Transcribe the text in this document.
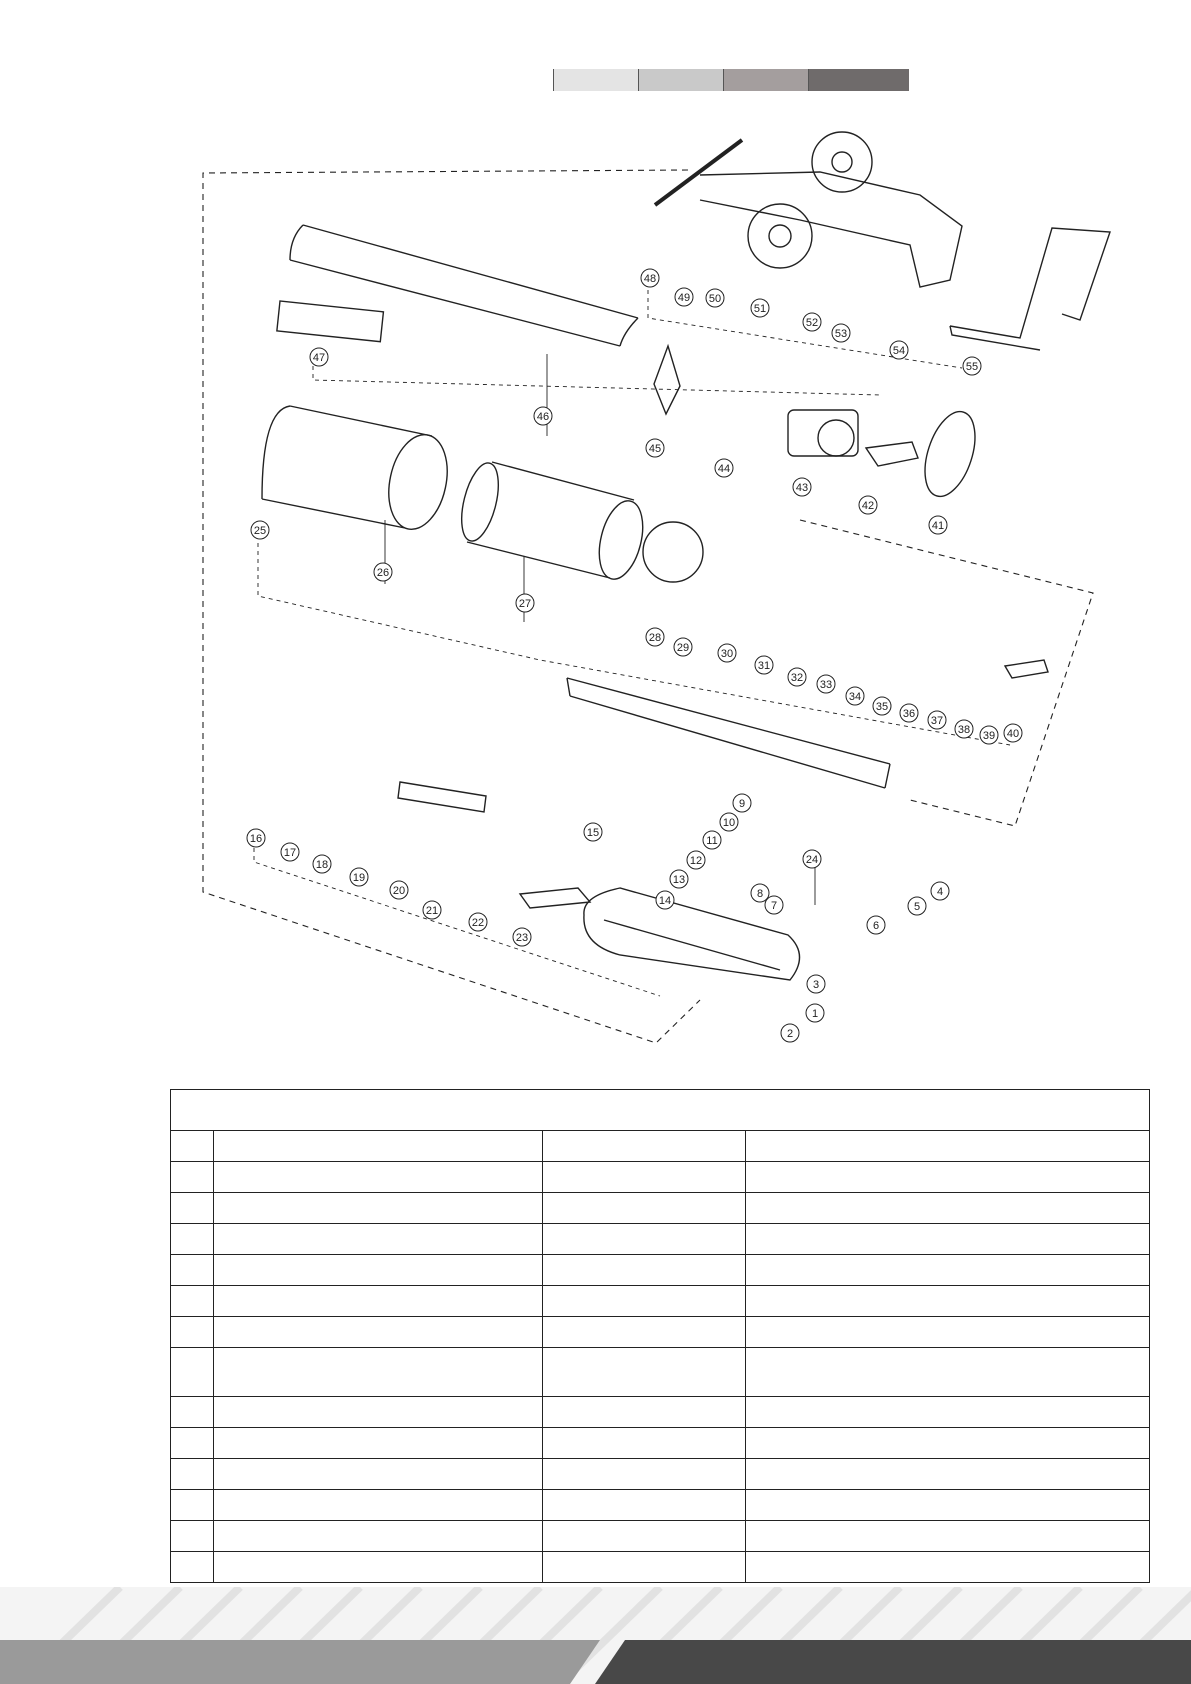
1
2
3
4
5
6
7
8
9
10
11
12
13
14
15
16
17
18
19
20
21
22
23
24
25
26
27
28
29	30
31
32
33
34
35
36
37
38 39 40
41
42
43
44
45
46
47
48
49 50
51
52
53
54
55
